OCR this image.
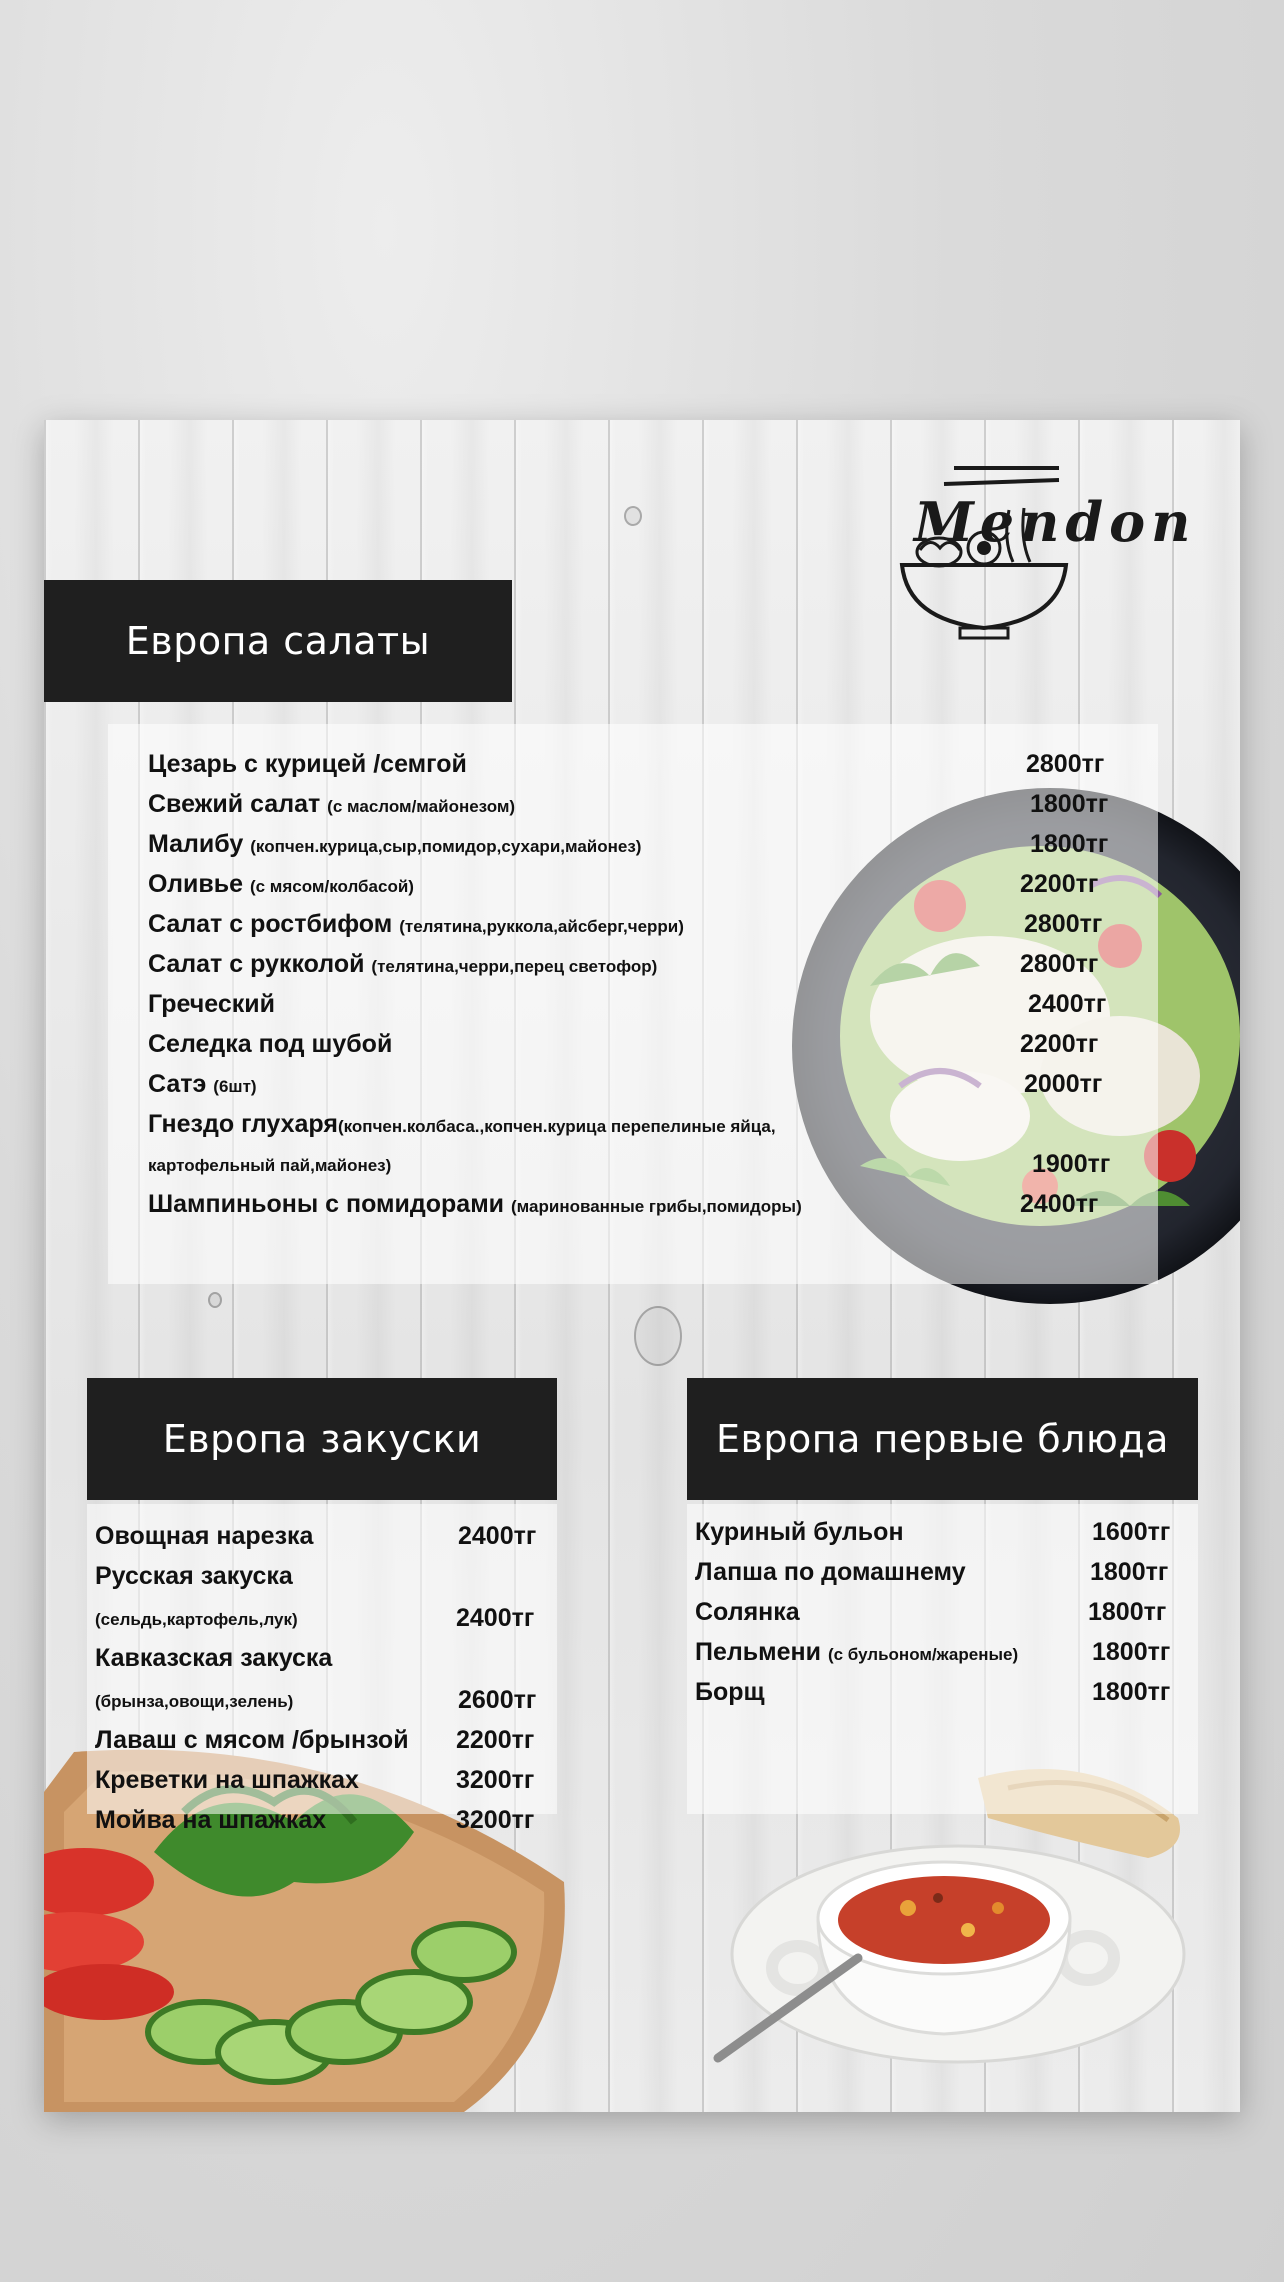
Mendon
Европа салаты
Цезарь с курицей /семгой	2800тг
Свежий салат (с маслом/майонезом)	1800тг
Малибу (копчен.курица,сыр,помидор,сухари,майонез)	1800тг
Оливье (с мясом/колбасой)	2200тг
Салат с ростбифом (телятина,руккола,айсберг,черри)	2800тг
Салат с рукколой (телятина,черри,перец светофор)	2800тг
Греческий	2400тг
Селедка под шубой	2200тг
Сатэ (6шт)	2000тг
Гнездо глухаря(копчен.колбаса.,копчен.курица перепелиные яйца,
картофельный пай,майонез)	1900тг
Шампиньоны с помидорами (маринованные грибы,помидоры)	2400тг
Европа закуски	Европа первые блюда
Овощная нарезка	2400тг
Русская закуска
(сельдь,картофель,лук)	2400тг
Кавказская закуска
(брынза,овощи,зелень)	2600тг
Лаваш с мясом /брынзой 2200тг
Креветки на шпажках	3200тг
Мойва на шпажках	3200тг
Куриный бульон	1600тг
Лапша по домашнему	1800тг
Солянка	1800тг
Пельмени (с бульоном/жареные)	1800тг
Борщ	1800тг
